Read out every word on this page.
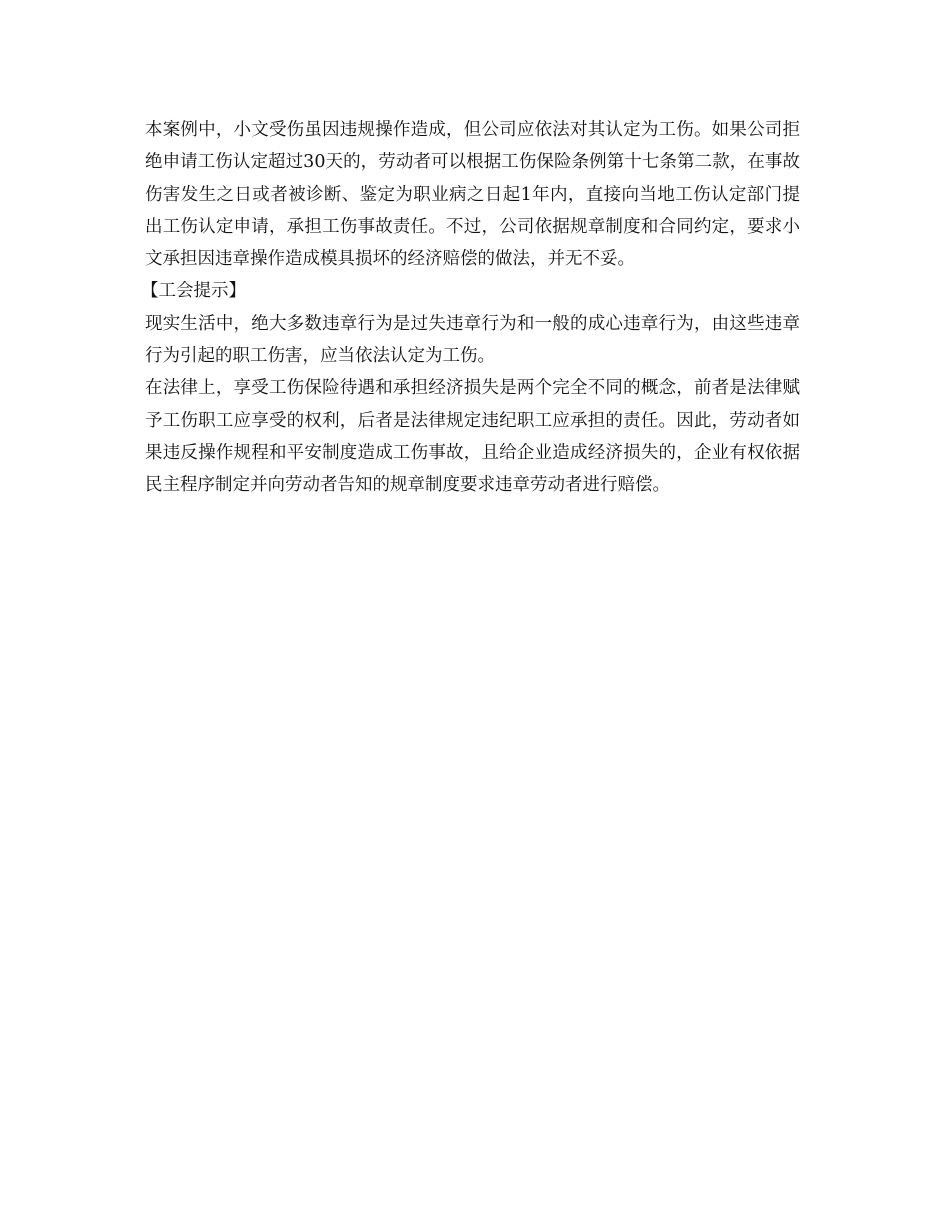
本案例中，小文受伤虽因违规操作造成，但公司应依法对其认定为工伤。如果公司拒绝申请工伤认定超过30天的，劳动者可以根据工伤保险条例第十七条第二款，在事故伤害发生之日或者被诊断、鉴定为职业病之日起1年内，直接向当地工伤认定部门提出工伤认定申请，承担工伤事故责任。不过，公司依据规章制度和合同约定，要求小文承担因违章操作造成模具损坏的经济赔偿的做法，并无不妥。

【工会提示】

现实生活中，绝大多数违章行为是过失违章行为和一般的成心违章行为，由这些违章行为引起的职工伤害，应当依法认定为工伤。

在法律上，享受工伤保险待遇和承担经济损失是两个完全不同的概念，前者是法律赋予工伤职工应享受的权利，后者是法律规定违纪职工应承担的责任。因此，劳动者如果违反操作规程和平安制度造成工伤事故，且给企业造成经济损失的，企业有权依据民主程序制定并向劳动者告知的规章制度要求违章劳动者进行赔偿。
